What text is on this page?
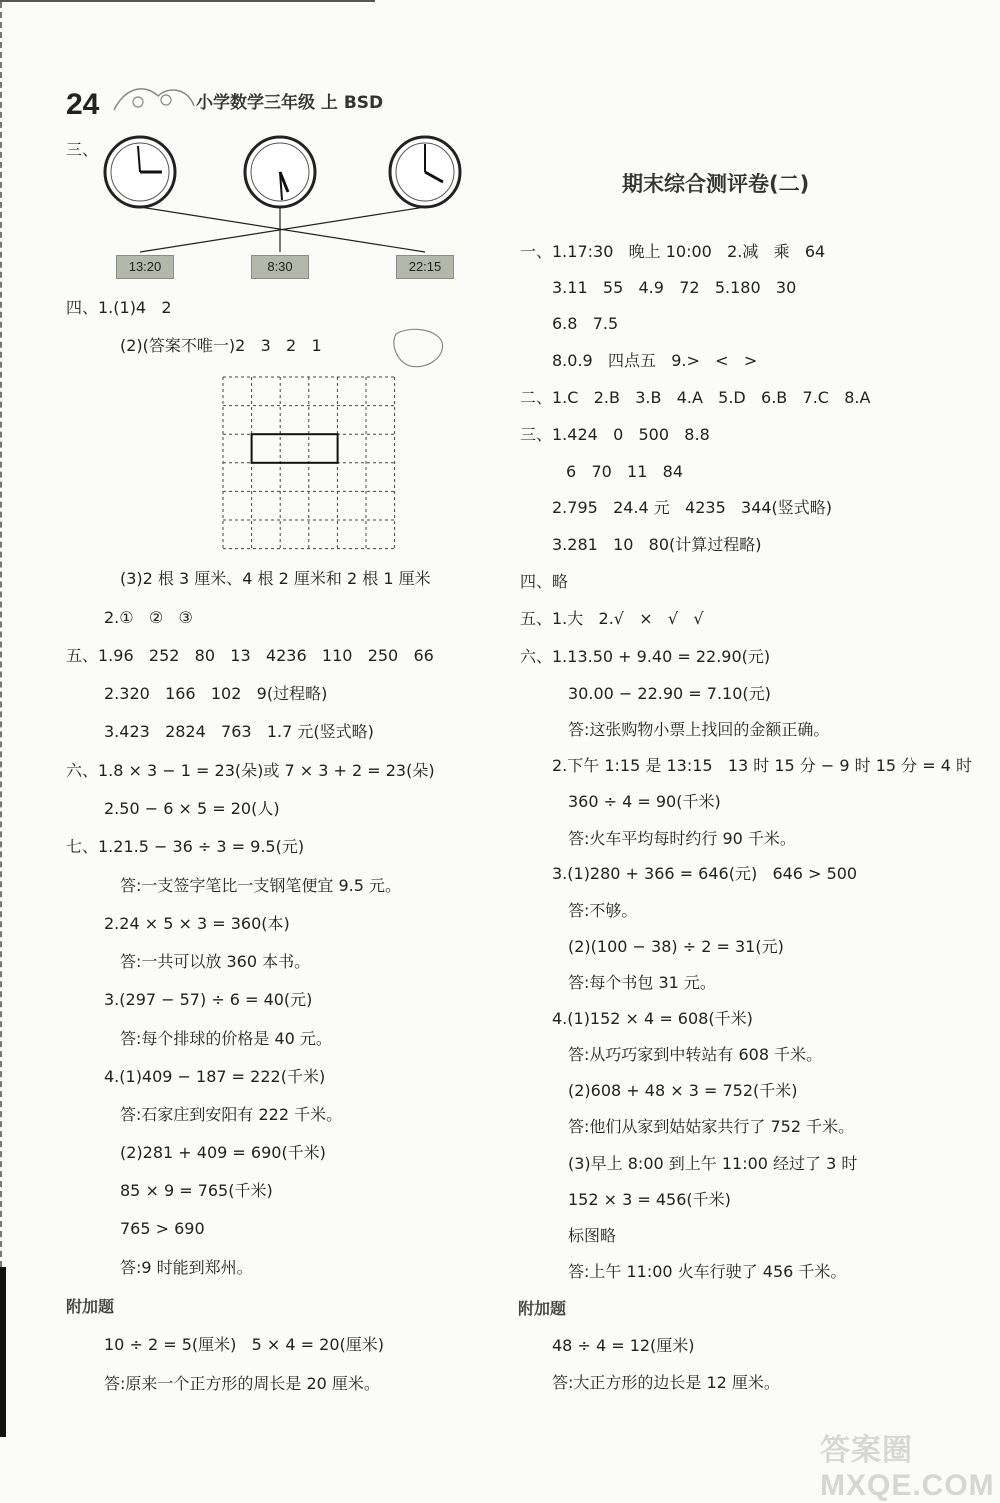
24	小学数学三年级 上 BSD
三、
13:20	8:30	22:15
四、1.(1)4   2
(2)(答案不唯一)2   3   2   1
(3)2 根 3 厘米、4 根 2 厘米和 2 根 1 厘米
2.①   ②   ③
五、1.96   252   80   13   4236   110   250   66
2.320   166   102   9(过程略)
3.423   2824   763   1.7 元(竖式略)
六、1.8 × 3 − 1 = 23(朵)或 7 × 3 + 2 = 23(朵)
2.50 − 6 × 5 = 20(人)
七、1.21.5 − 36 ÷ 3 = 9.5(元)
答:一支签字笔比一支钢笔便宜 9.5 元。
2.24 × 5 × 3 = 360(本)
答:一共可以放 360 本书。
3.(297 − 57) ÷ 6 = 40(元)
答:每个排球的价格是 40 元。
4.(1)409 − 187 = 222(千米)
答:石家庄到安阳有 222 千米。
(2)281 + 409 = 690(千米)
85 × 9 = 765(千米)
765 > 690
答:9 时能到郑州。
附加题
10 ÷ 2 = 5(厘米)   5 × 4 = 20(厘米)
答:原来一个正方形的周长是 20 厘米。
期末综合测评卷(二)
一、1.17:30   晚上 10:00   2.减   乘   64
3.11   55   4.9   72   5.180   30
6.8   7.5
8.0.9   四点五   9.>   <   >
二、1.C   2.B   3.B   4.A   5.D   6.B   7.C   8.A
三、1.424   0   500   8.8
6   70   11   84
2.795   24.4 元   4235   344(竖式略)
3.281   10   80(计算过程略)
四、略
五、1.大   2.√   ×   √   √
六、1.13.50 + 9.40 = 22.90(元)
30.00 − 22.90 = 7.10(元)
答:这张购物小票上找回的金额正确。
2.下午 1:15 是 13:15   13 时 15 分 − 9 时 15 分 = 4 时
360 ÷ 4 = 90(千米)
答:火车平均每时约行 90 千米。
3.(1)280 + 366 = 646(元)   646 > 500
答:不够。
(2)(100 − 38) ÷ 2 = 31(元)
答:每个书包 31 元。
4.(1)152 × 4 = 608(千米)
答:从巧巧家到中转站有 608 千米。
(2)608 + 48 × 3 = 752(千米)
答:他们从家到姑姑家共行了 752 千米。
(3)早上 8:00 到上午 11:00 经过了 3 时
152 × 3 = 456(千米)
标图略
答:上午 11:00 火车行驶了 456 千米。
附加题
48 ÷ 4 = 12(厘米)
答:大正方形的边长是 12 厘米。
答案圈 MXQE.COM
